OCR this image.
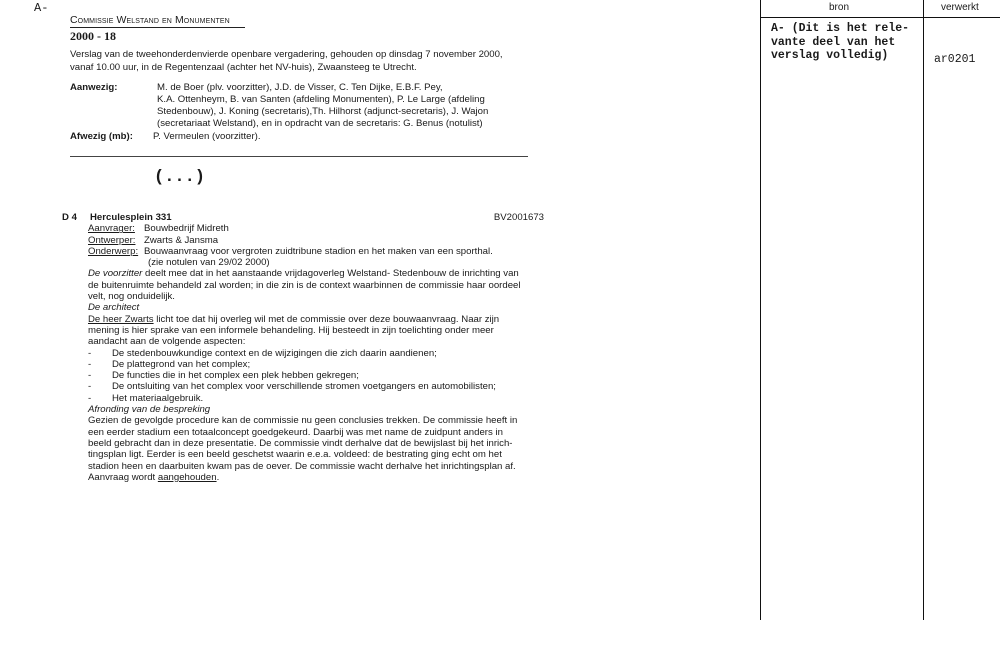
A-
Commissie Welstand en Monumenten
2000 - 18
Verslag van de tweehonderdenvierde openbare vergadering, gehouden op dinsdag 7 november 2000,
vanaf 10.00 uur, in de Regentenzaal (achter het NV-huis), Zwaansteeg te Utrecht.
Aanwezig:	M. de Boer (plv. voorzitter), J.D. de Visser, C. Ten Dijke, E.B.F. Pey,
K.A. Ottenheym, B. van Santen (afdeling Monumenten), P. Le Large (afdeling
Stedenbouw), J. Koning (secretaris),Th. Hilhorst (adjunct-secretaris), J. Wajon
(secretariaat Welstand), en in opdracht van de secretaris: G. Benus (notulist)
Afwezig (mb):	P. Vermeulen (voorzitter).
(...)
D 4	Herculesplein 331	BV2001673
Aanvrager: Bouwbedrijf Midreth
Ontwerper: Zwarts & Jansma
Onderwerp: Bouwaanvraag voor vergroten zuidtribune stadion en het maken van een sporthal.
(zie notulen van 29/02 2000)
De voorzitter deelt mee dat in het aanstaande vrijdagoverleg Welstand- Stedenbouw de inrichting van
de buitenruimte behandeld zal worden; in die zin is de context waarbinnen de commissie haar oordeel
velt, nog onduidelijk.
De architect
De heer Zwarts licht toe dat hij overleg wil met de commissie over deze bouwaanvraag. Naar zijn
mening is hier sprake van een informele behandeling. Hij besteedt in zijn toelichting onder meer
aandacht aan de volgende aspecten:
-	De stedenbouwkundige context en de wijzigingen die zich daarin aandienen;
-	De plattegrond van het complex;
-	De functies die in het complex een plek hebben gekregen;
-	De ontsluiting van het complex voor verschillende stromen voetgangers en automobilisten;
-	Het materiaalgebruik.
Afronding van de bespreking
Gezien de gevolgde procedure kan de commissie nu geen conclusies trekken. De commissie heeft in
een eerder stadium een totaalconcept goedgekeurd. Daarbij was met name de zuidpunt anders in
beeld gebracht dan in deze presentatie. De commissie vindt derhalve dat de bewijslast bij het inrich-
tingsplan ligt. Eerder is een beeld geschetst waarin e.e.a. voldeed: de bestrating ging echt om het
stadion heen en daarbuiten kwam pas de oever. De commissie wacht derhalve het inrichtingsplan af.
Aanvraag wordt aangehouden.
bron	verwerkt
A- (Dit is het rele-
vante deel van het
verslag volledig)	ar0201
